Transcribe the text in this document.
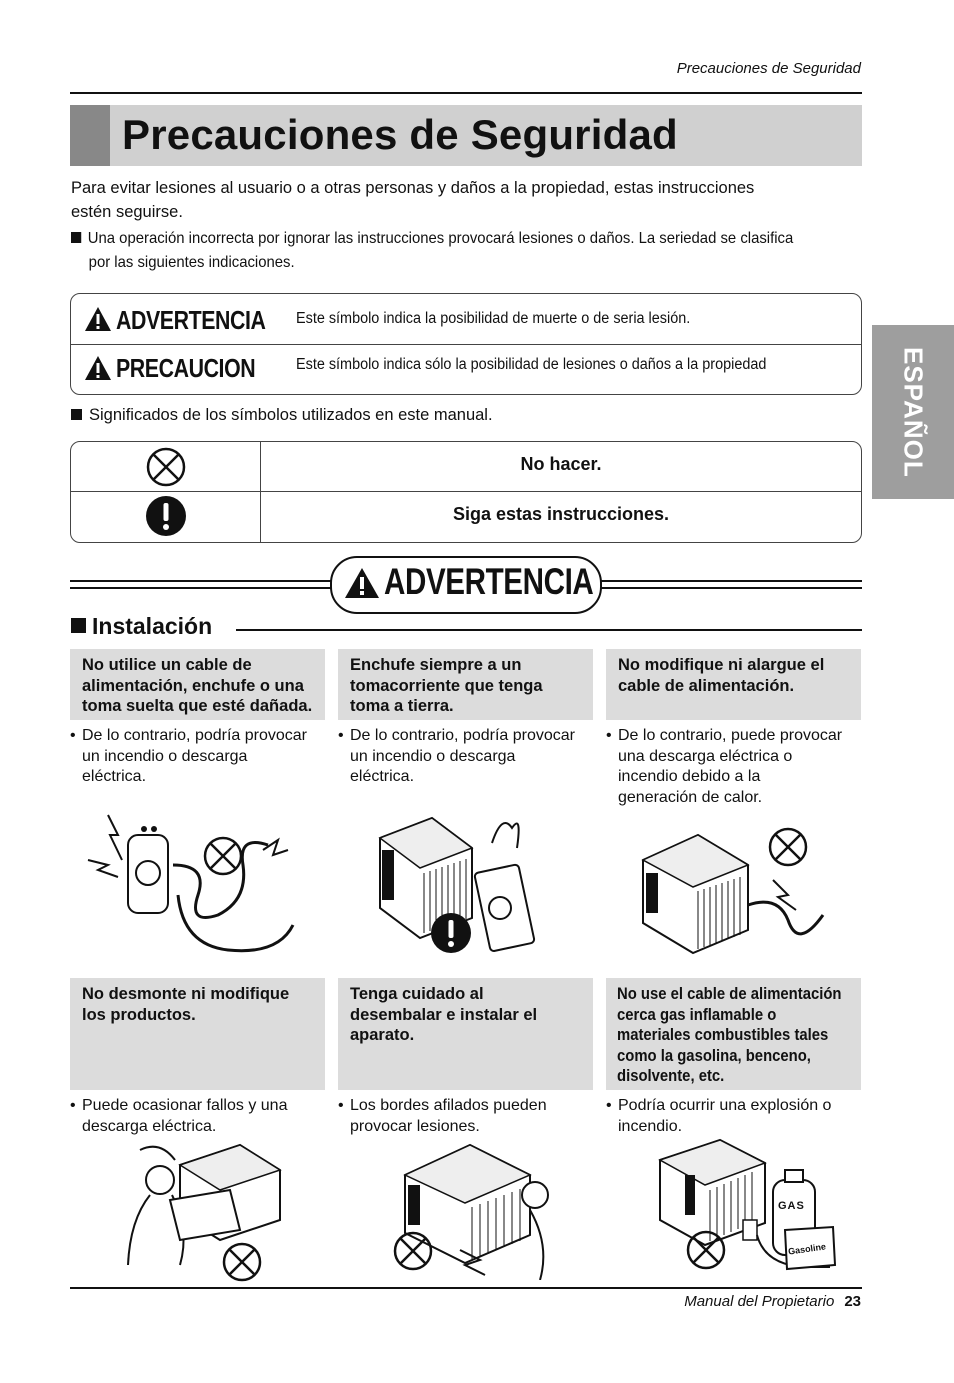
Precauciones de Seguridad
Precauciones de Seguridad
Para evitar lesiones al usuario o a otras personas y daños a la propiedad, estas instrucciones
estén seguirse.
Una operación incorrecta por ignorar las instrucciones provocará lesiones o daños. La seriedad se clasifica
por las siguientes indicaciones.
ADVERTENCIA Este símbolo indica la posibilidad de muerte o de seria lesión.
PRECAUCION	Este símbolo indica sólo la posibilidad de lesiones o daños a la propiedad
Significados de los símbolos utilizados en este manual.
No hacer.
Siga estas instrucciones.
ADVERTENCIA
Instalación
No utilice un cable de
alimentación, enchufe o una
toma suelta que esté dañada.
• De lo contrario, podría provocar
un incendio o descarga
eléctrica.
Enchufe siempre a un
tomacorriente que tenga
toma a tierra.
• De lo contrario, podría provocar
un incendio o descarga
eléctrica.
No modifique ni alargue el
cable de alimentación.
• De lo contrario, puede provocar
una descarga eléctrica o
incendio debido a la
generación de calor.
No desmonte ni modifique
los productos.
• Puede ocasionar fallos y una
descarga eléctrica.
Tenga cuidado al
desembalar e instalar el
aparato.
• Los bordes afilados pueden
provocar lesiones.
No use el cable de alimentación
cerca gas inflamable o
materiales combustibles tales
como la gasolina, benceno,
disolvente, etc.
• Podría ocurrir una explosión o
incendio.
GAS
Gasoline
Manual del Propietario 23
ESPAÑOL
